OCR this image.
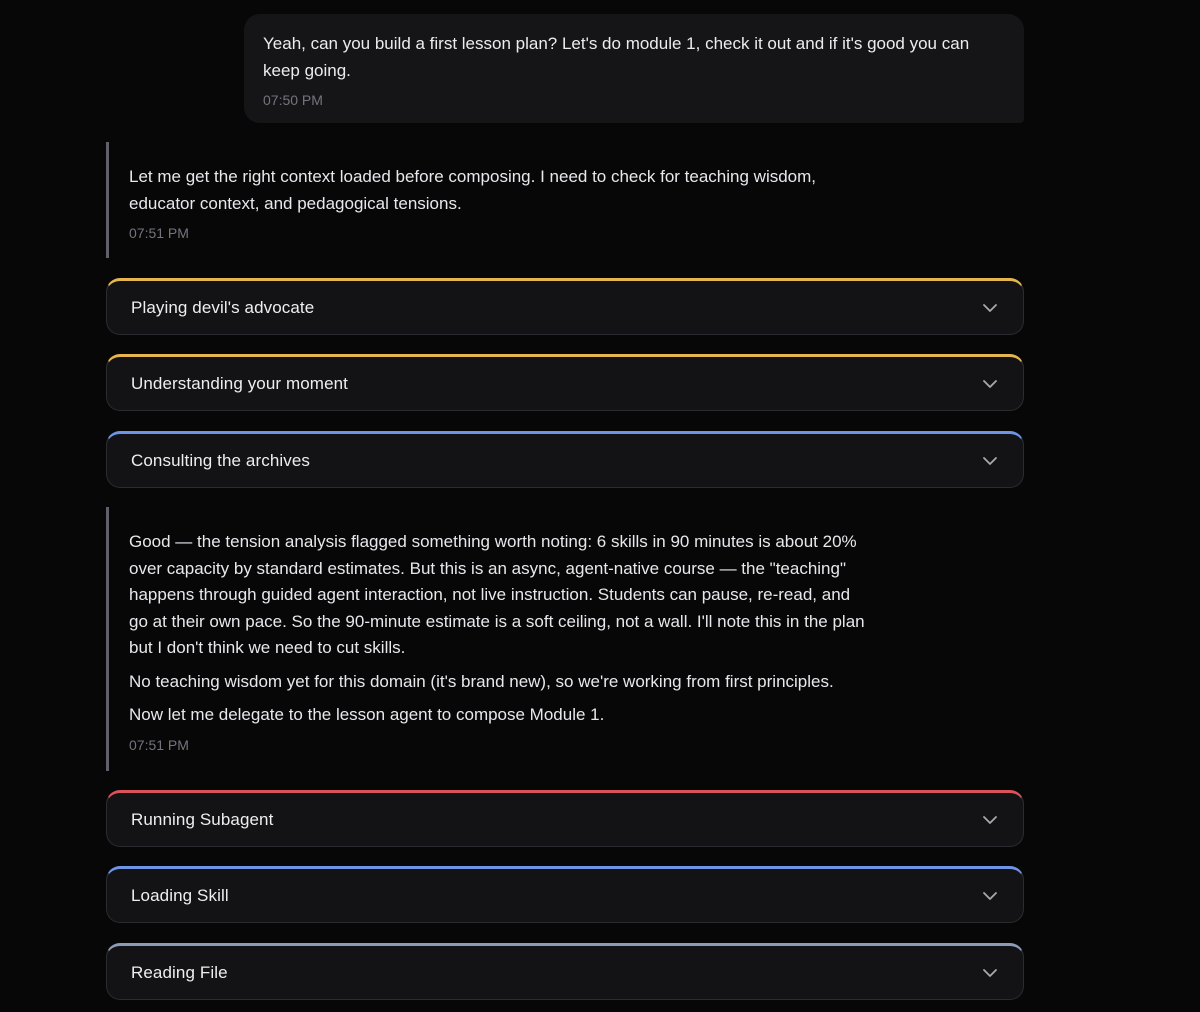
Yeah, can you build a first lesson plan? Let's do module 1, check it out and if it's good you can keep going.
07:50 PM

Let me get the right context loaded before composing. I need to check for teaching wisdom, educator context, and pedagogical tensions.

07:51 PM
Playing devil's advocate
Understanding your moment
Consulting the archives

Good — the tension analysis flagged something worth noting: 6 skills in 90 minutes is about 20% over capacity by standard estimates. But this is an async, agent-native course — the "teaching" happens through guided agent interaction, not live instruction. Students can pause, re-read, and go at their own pace. So the 90-minute estimate is a soft ceiling, not a wall. I'll note this in the plan but I don't think we need to cut skills.

No teaching wisdom yet for this domain (it's brand new), so we're working from first principles.

Now let me delegate to the lesson agent to compose Module 1.

07:51 PM
Running Subagent
Loading Skill
Reading File
